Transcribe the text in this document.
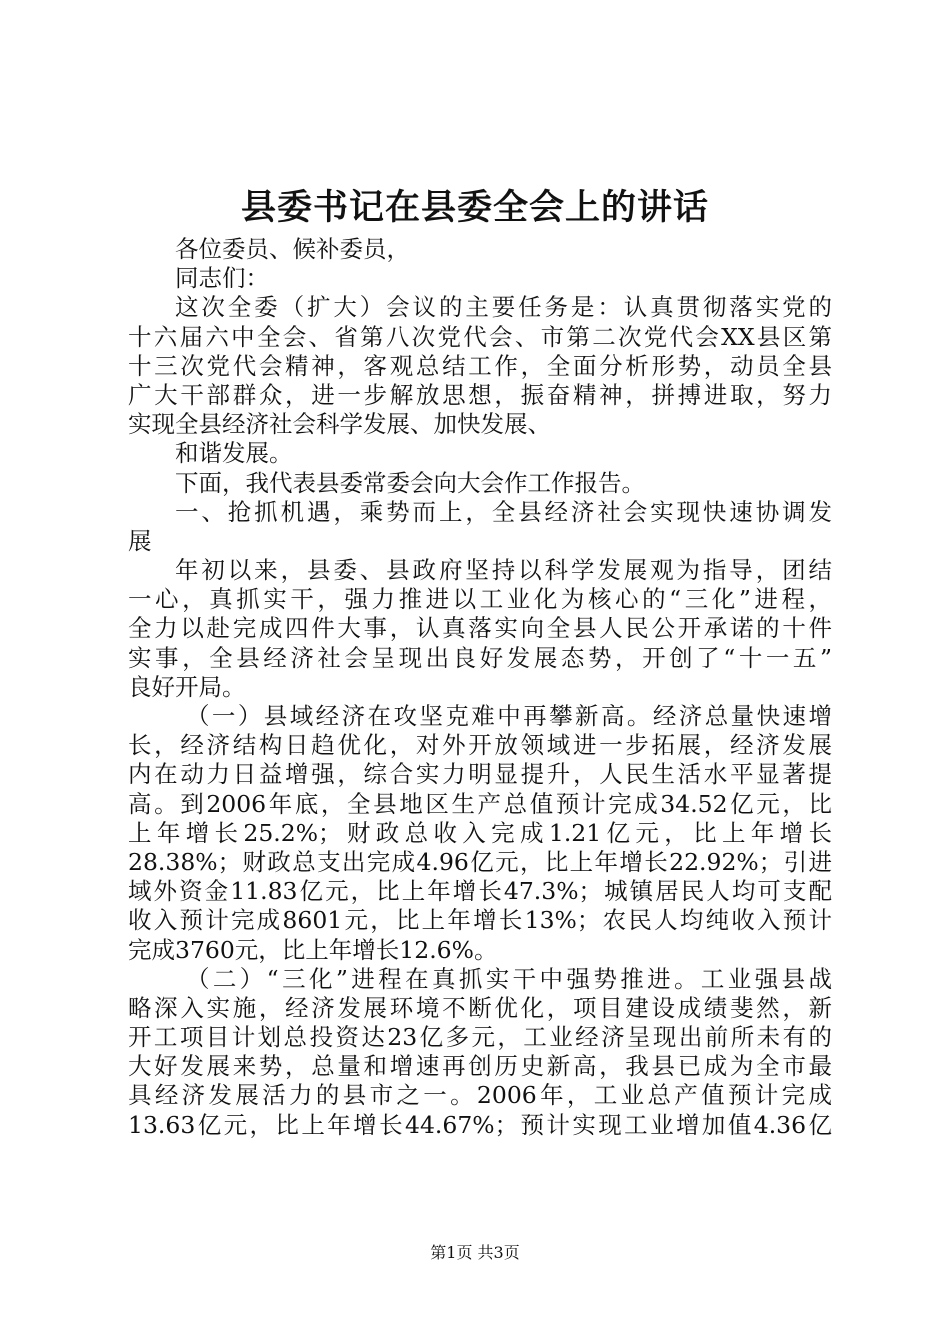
县委书记在县委全会上的讲话
各位委员、候补委员，
同志们：
这次全委（扩大）会议的主要任务是：认真贯彻落实党的
十六届六中全会、省第八次党代会、市第二次党代会XX县区第
十三次党代会精神，客观总结工作，全面分析形势，动员全县
广大干部群众，进一步解放思想，振奋精神，拼搏进取，努力
实现全县经济社会科学发展、加快发展、
和谐发展。
下面，我代表县委常委会向大会作工作报告。
一、抢抓机遇，乘势而上，全县经济社会实现快速协调发
展
年初以来，县委、县政府坚持以科学发展观为指导，团结
一心，真抓实干，强力推进以工业化为核心的“三化”进程，
全力以赴完成四件大事，认真落实向全县人民公开承诺的十件
实事，全县经济社会呈现出良好发展态势，开创了“十一五”
良好开局。
（一）县域经济在攻坚克难中再攀新高。经济总量快速增
长，经济结构日趋优化，对外开放领域进一步拓展，经济发展
内在动力日益增强，综合实力明显提升，人民生活水平显著提
高。到2006年底，全县地区生产总值预计完成34.52亿元，比
上年增长25.2%；财政总收入完成1.21亿元，比上年增长
28.38%；财政总支出完成4.96亿元，比上年增长22.92%；引进
域外资金11.83亿元，比上年增长47.3%；城镇居民人均可支配
收入预计完成8601元，比上年增长13%；农民人均纯收入预计
完成3760元，比上年增长12.6%。
（二）“三化”进程在真抓实干中强势推进。工业强县战
略深入实施，经济发展环境不断优化，项目建设成绩斐然，新
开工项目计划总投资达23亿多元，工业经济呈现出前所未有的
大好发展来势，总量和增速再创历史新高，我县已成为全市最
具经济发展活力的县市之一。2006年，工业总产值预计完成
13.63亿元，比上年增长44.67%；预计实现工业增加值4.36亿
第1页 共3页
